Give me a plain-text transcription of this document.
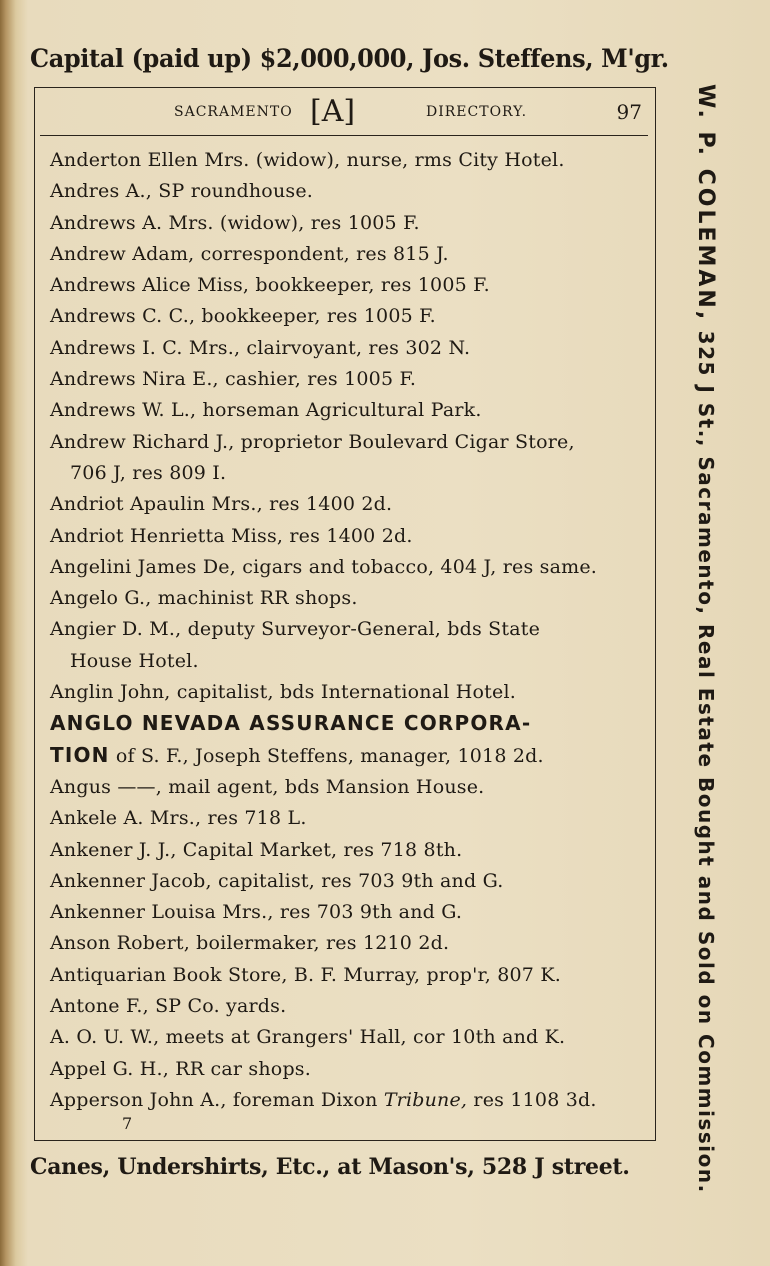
Capital (paid up) $2,000,000, Jos. Steffens, M'gr.
SACRAMENTO [A]	DIRECTORY.	97
Anderton Ellen Mrs. (widow), nurse, rms City Hotel.
Andres A., SP roundhouse.
Andrews A. Mrs. (widow), res 1005 F.
Andrew Adam, correspondent, res 815 J.
Andrews Alice Miss, bookkeeper, res 1005 F.
Andrews C. C., bookkeeper, res 1005 F.
Andrews I. C. Mrs., clairvoyant, res 302 N.
Andrews Nira E., cashier, res 1005 F.
Andrews W. L., horseman Agricultural Park.
Andrew Richard J., proprietor Boulevard Cigar Store,
706 J, res 809 I.
Andriot Apaulin Mrs., res 1400 2d.
Andriot Henrietta Miss, res 1400 2d.
Angelini James De, cigars and tobacco, 404 J, res same.
Angelo G., machinist RR shops.
Angier D. M., deputy Surveyor-General, bds State
House Hotel.
Anglin John, capitalist, bds International Hotel.
ANGLO NEVADA ASSURANCE CORPORA-
TION of S. F., Joseph Steffens, manager, 1018 2d.
Angus ——, mail agent, bds Mansion House.
Ankele A. Mrs., res 718 L.
Ankener J. J., Capital Market, res 718 8th.
Ankenner Jacob, capitalist, res 703 9th and G.
Ankenner Louisa Mrs., res 703 9th and G.
Anson Robert, boilermaker, res 1210 2d.
Antiquarian Book Store, B. F. Murray, prop'r, 807 K.
Antone F., SP Co. yards.
A. O. U. W., meets at Grangers' Hall, cor 10th and K.
Appel G. H., RR car shops.
Apperson John A., foreman Dixon Tribune, res 1108 3d.
7
W. P. COLEMAN, 325 J St., Sacramento, Real Estate Bought and Sold on Commission.
Canes, Undershirts, Etc., at Mason's, 528 J street.
